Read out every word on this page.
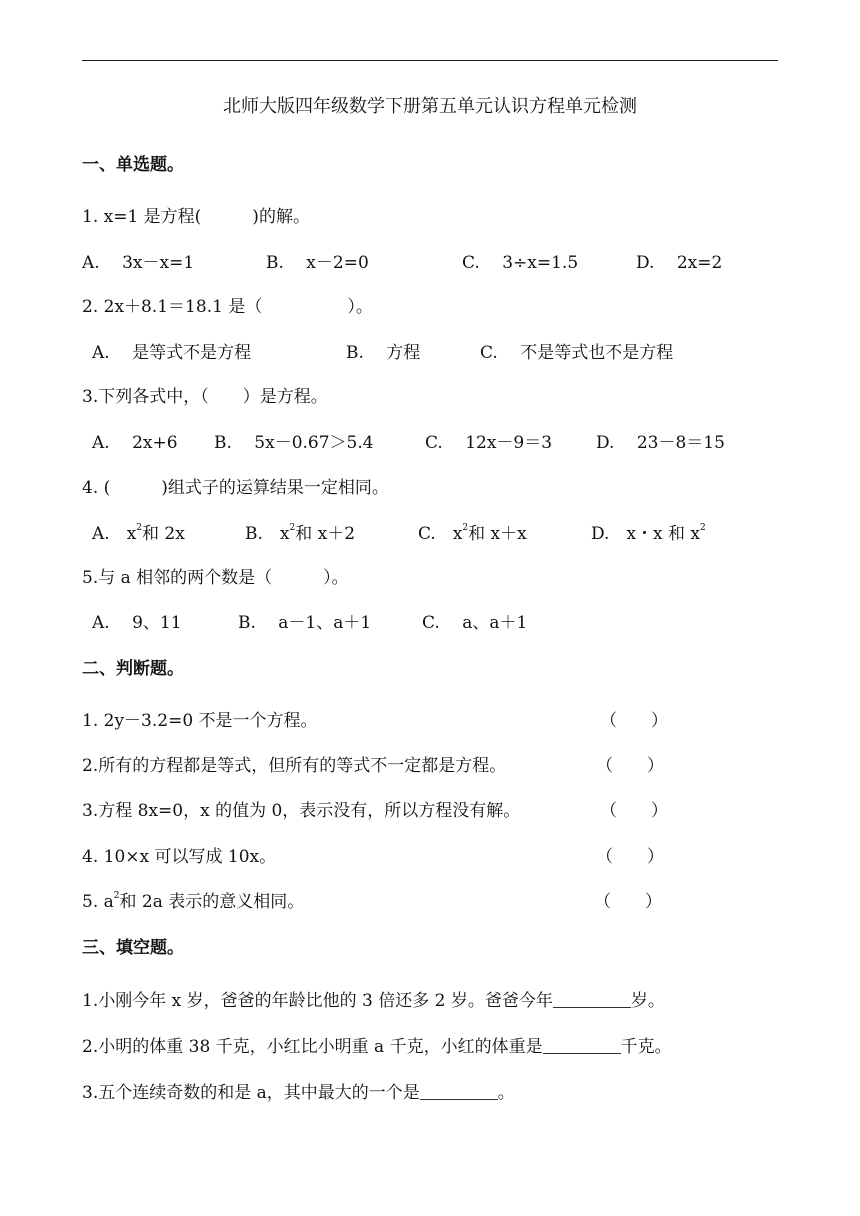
北师大版四年级数学下册第五单元认识方程单元检测
一、单选题。
1. x=1 是方程(　　　)的解。
A.　 3x－x=1	B.　 x－2=0	C.　 3÷x=1.5	D.　 2x=2
2. 2x＋8.1＝18.1 是（　　　　　）。
A.　 是等式不是方程	B.　 方程	C.　 不是等式也不是方程
3.下列各式中，（　　）是方程。
A.　 2x+6 B.　 5x－0.67＞5.4	C.　 12x－9＝3	D.　 23－8＝15
4. (　　　)组式子的运算结果一定相同。
A.　$x^2$和 2x	B.　$x^2$和 x＋2	C.　$x^2$和 x＋x	D.　x・x 和 $x^2$
5.与 a 相邻的两个数是（　　　）。
A.　 9、11	B.　 a－1、a＋1	C.　 a、a＋1
二、判断题。
1. 2y－3.2=0 不是一个方程。	（　　）
2.所有的方程都是等式，但所有的等式不一定都是方程。	（　　）
3.方程 8x=0，x 的值为 0，表示没有，所以方程没有解。	（　　）
4. 10×x 可以写成 10x。	（　　）
5. $a^2$和 2a 表示的意义相同。	（　　）
三、填空题。
1.小刚今年 x 岁，爸爸的年龄比他的 3 倍还多 2 岁。爸爸今年	岁。
2.小明的体重 38 千克，小红比小明重 a 千克，小红的体重是	千克。
3.五个连续奇数的和是 a，其中最大的一个是	。
